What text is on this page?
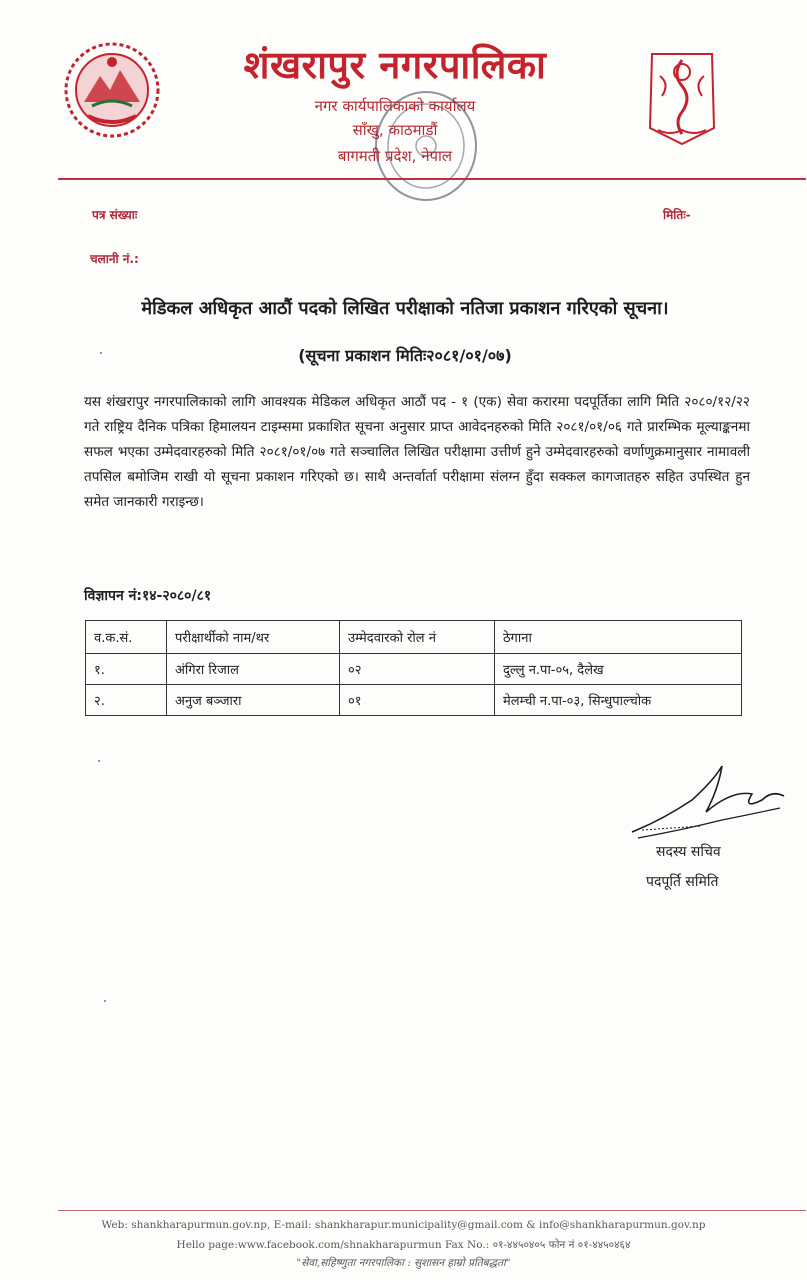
शंखरापुर नगरपालिका
नगर कार्यपालिकाको कार्यालय
साँखु, काठमाडौं
बागमती प्रदेश, नेपाल
पत्र संख्याः	मितिः-
चलानी नं.:
मेडिकल अधिकृत आठौं पदको लिखित परीक्षाको नतिजा प्रकाशन गरिएको सूचना।
(सूचना प्रकाशन मितिः२०८१/०१/०७)
यस शंखरापुर नगरपालिकाको लागि आवश्यक मेडिकल अधिकृत आठौं पद - १ (एक) सेवा करारमा पदपूर्तिका लागि मिति २०८०/१२/२२ गते राष्ट्रिय दैनिक पत्रिका हिमालयन टाइम्समा प्रकाशित सूचना अनुसार प्राप्त आवेदनहरुको मिति २०८१/०१/०६ गते प्रारम्भिक मूल्याङ्कनमा सफल भएका उम्मेदवारहरुको मिति २०८१/०१/०७ गते सञ्चालित लिखित परीक्षामा उत्तीर्ण हुने उम्मेदवारहरुको वर्णाणुक्रमानुसार नामावली तपसिल बमोजिम राखी यो सूचना प्रकाशन गरिएको छ। साथै अन्तर्वार्ता परीक्षामा संलग्न हुँदा सक्कल कागजातहरु सहित उपस्थित हुन समेत जानकारी गराइन्छ।
विज्ञापन नं:१४-२०८०/८१
व.क.सं.	परीक्षार्थीको नाम/थर	उम्मेदवारको रोल नं	ठेगाना
१.	अंगिरा रिजाल	०२	दुल्लु न.पा-०५, दैलेख
२.	अनुज बञ्जारा	०१	मेलम्ची न.पा-०३, सिन्धुपाल्चोक
सदस्य सचिव
पदपूर्ति समिति
Web: shankharapurmun.gov.np, E-mail: shankharapur.municipality@gmail.com & info@shankharapurmun.gov.np
Hello page:www.facebook.com/shnakharapurmun Fax No.: ०१-४४५०४०५ फोन नं ०१-४४५०४६४
"सेवा,सहिष्णुता नगरपालिका : सुशासन हाम्रो प्रतिबद्धता"
